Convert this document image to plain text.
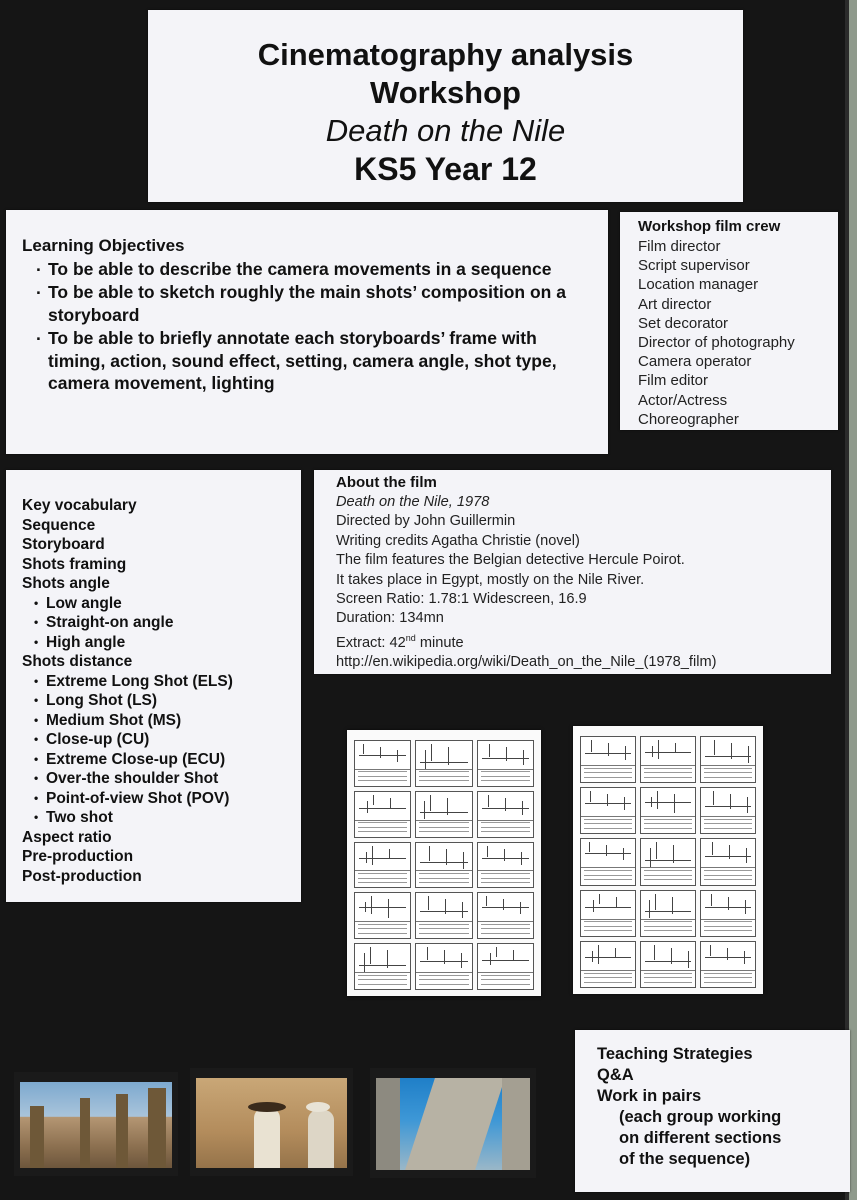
Cinematography analysis
Workshop
Death on the Nile
KS5 Year 12
Learning Objectives
. To be able to describe the camera movements in a sequence
. To be able to sketch roughly the main shots’ composition on a storyboard
. To be able to briefly annotate each storyboards’ frame with timing, action, sound effect, setting, camera angle, shot type, camera movement, lighting
Workshop film crew
Film director
Script supervisor
Location manager
Art director
Set decorator
Director of photography
Camera operator
Film editor
Actor/Actress
Choreographer
Key vocabulary
Sequence
Storyboard
Shots framing
Shots angle
• Low angle
• Straight-on angle
• High angle
Shots distance
• Extreme Long Shot (ELS)
• Long Shot (LS)
• Medium Shot (MS)
• Close-up (CU)
• Extreme Close-up (ECU)
• Over-the shoulder Shot
• Point-of-view Shot (POV)
• Two shot
Aspect ratio
Pre-production
Post-production
About the film
Death on the Nile, 1978
Directed by John Guillermin
Writing credits Agatha Christie (novel)
The film features the Belgian detective Hercule Poirot.
It takes place in Egypt, mostly on the Nile River.
Screen Ratio: 1.78:1 Widescreen, 16.9
Duration: 134mn
Extract: 42nd minute
http://en.wikipedia.org/wiki/Death_on_the_Nile_(1978_film)
Teaching Strategies
Q&A
Work in pairs
(each group working
on different sections
of the sequence)
